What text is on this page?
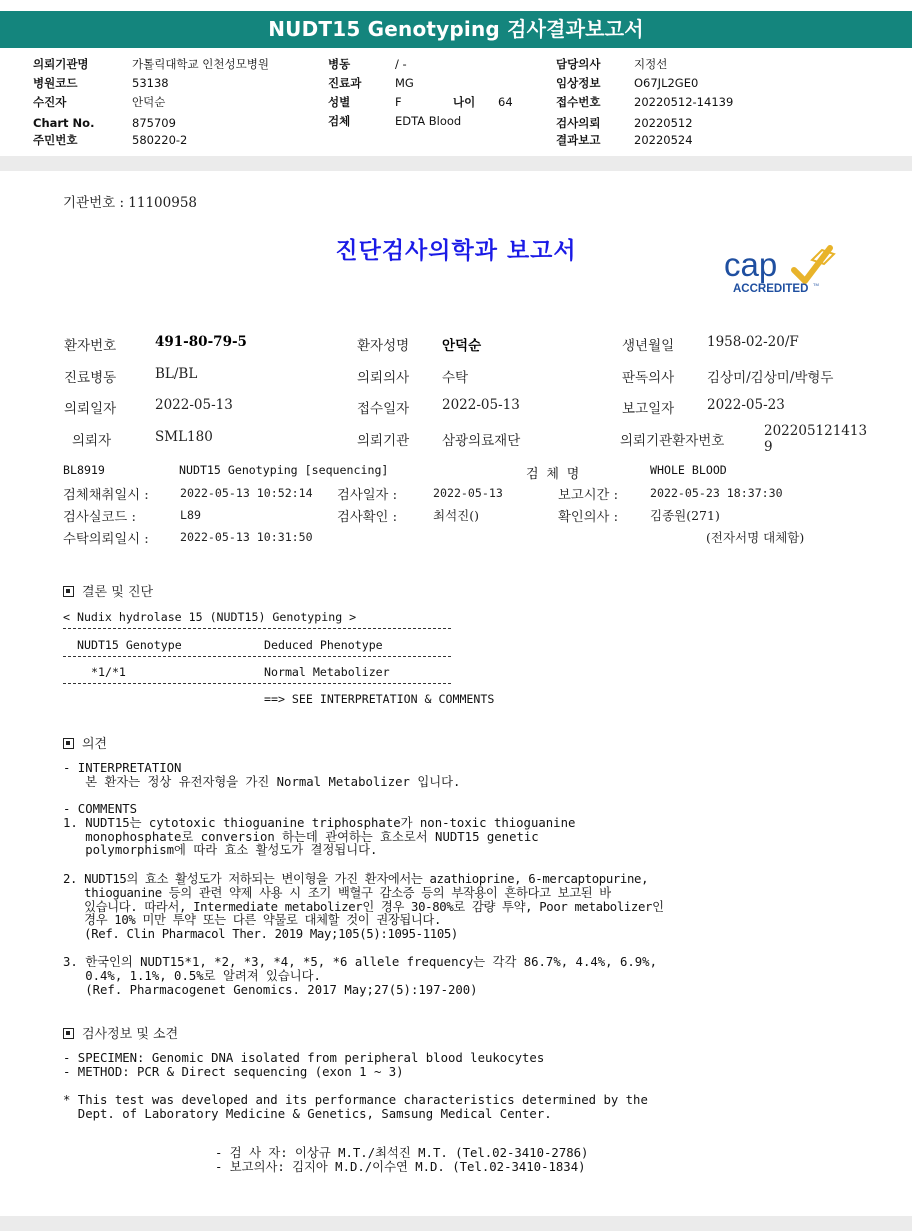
NUDT15 Genotyping 검사결과보고서
의뢰기관명	가톨릭대학교 인천성모병원
병원코드	53138
수진자	안덕순
Chart No.	875709
주민번호	580220-2
병동	/ -
진료과	MG
성별	F	나이 64
검체	EDTA Blood
담당의사	지정선
임상정보	O67JL2GE0
접수번호	20220512-14139
검사의뢰	20220512
결과보고	20220524
기관번호 : 11100958
진단검사의학과 보고서	cap
ACCREDITED TM
환자번호	491-80-79-5	환자성명 안덕순	생년월일 1958-02-20/F
진료병동	BL/BL	의뢰의사 수탁	판독의사 김상미/김상미/박형두
의뢰일자	2022-05-13	접수일자 2022-05-13	보고일자 2022-05-23
의뢰자	SML180	의뢰기관 삼광의료재단	의뢰기관환자번호
202205121413
9
BL8919	NUDT15 Genotyping [sequencing]	검 체 명	WHOLE BLOOD
검체채취일시 :	2022-05-13 10:52:14 검사일자 :	2022-05-13	보고시간 :	2022-05-23 18:37:30
검사실코드 :	L89	검사확인 :	최석진()	확인의사 :	김종원(271)
수탁의뢰일시 :	2022-05-13 10:31:50	(전자서명 대체함)
결론 및 진단
< Nudix hydrolase 15 (NUDT15) Genotyping >
NUDT15 Genotype	Deduced Phenotype
*1/*1	Normal Metabolizer
==> SEE INTERPRETATION & COMMENTS
의견
- INTERPRETATION
본 환자는 정상 유전자형을 가진 Normal Metabolizer 입니다.
- COMMENTS
1. NUDT15는 cytotoxic thioguanine triphosphate가 non-toxic thioguanine
monophosphate로 conversion 하는데 관여하는 효소로서 NUDT15 genetic
polymorphism에 따라 효소 활성도가 결정됩니다.
2. NUDT15의 효소 활성도가 저하되는 변이형을 가진 환자에서는 azathioprine, 6-mercaptopurine,
thioguanine 등의 관련 약제 사용 시 조기 백혈구 감소증 등의 부작용이 흔하다고 보고된 바
있습니다. 따라서, Intermediate metabolizer인 경우 30-80%로 감량 투약, Poor metabolizer인
경우 10% 미만 투약 또는 다른 약물로 대체할 것이 권장됩니다.
(Ref. Clin Pharmacol Ther. 2019 May;105(5):1095-1105)
3. 한국인의 NUDT15*1, *2, *3, *4, *5, *6 allele frequency는 각각 86.7%, 4.4%, 6.9%,
0.4%, 1.1%, 0.5%로 알려져 있습니다.
(Ref. Pharmacogenet Genomics. 2017 May;27(5):197-200)
검사정보 및 소견
- SPECIMEN: Genomic DNA isolated from peripheral blood leukocytes
- METHOD: PCR & Direct sequencing (exon 1 ~ 3)
* This test was developed and its performance characteristics determined by the
Dept. of Laboratory Medicine & Genetics, Samsung Medical Center.
- 검 사 자: 이상규 M.T./최석진 M.T. (Tel.02-3410-2786)
- 보고의사: 김지아 M.D./이수연 M.D. (Tel.02-3410-1834)
